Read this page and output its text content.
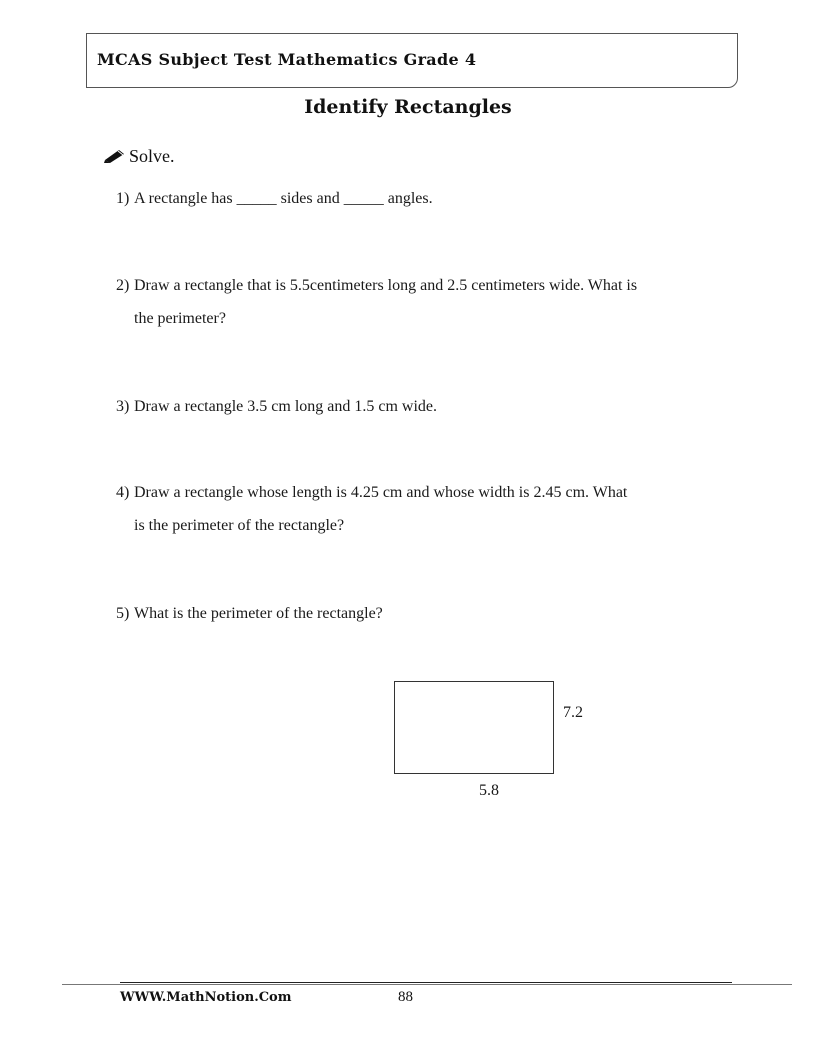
MCAS Subject Test Mathematics Grade 4
Identify Rectangles
Solve.
1) A rectangle has _____ sides and _____ angles.
2) Draw a rectangle that is 5.5centimeters long and 2.5 centimeters wide. What is
the perimeter?
3) Draw a rectangle 3.5 cm long and 1.5 cm wide.
4) Draw a rectangle whose length is 4.25 cm and whose width is 2.45 cm. What
is the perimeter of the rectangle?
5) What is the perimeter of the rectangle?
7.2
5.8
WWW.MathNotion.Com	88
